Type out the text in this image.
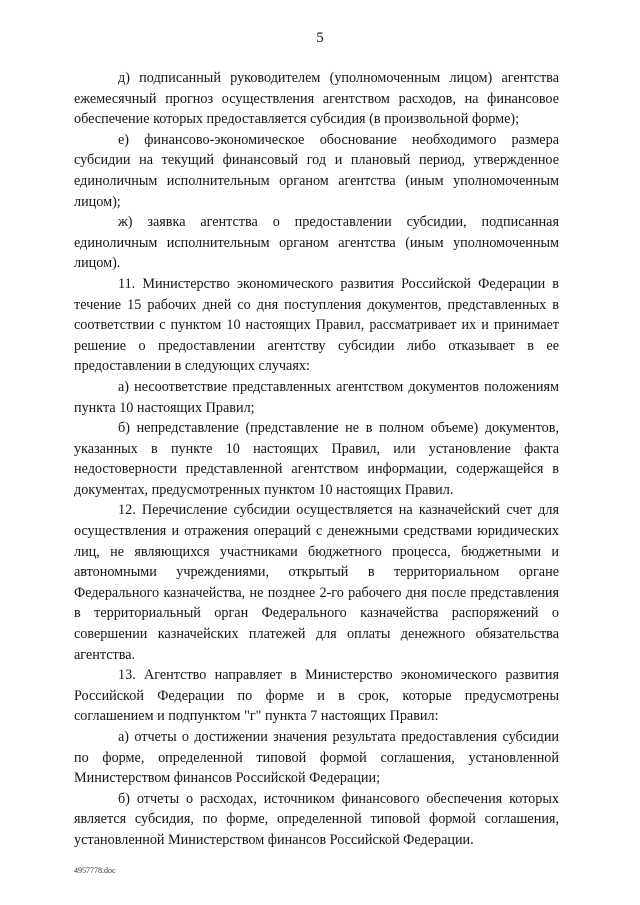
5

д) подписанный руководителем (уполномоченным лицом) агентства ежемесячный прогноз осуществления агентством расходов, на финансовое обеспечение которых предоставляется субсидия (в произвольной форме);

е) финансово-экономическое обоснование необходимого размера субсидии на текущий финансовый год и плановый период, утвержденное единоличным исполнительным органом агентства (иным уполномоченным лицом);

ж) заявка агентства о предоставлении субсидии, подписанная единоличным исполнительным органом агентства (иным уполномоченным лицом).

11. Министерство экономического развития Российской Федерации в течение 15 рабочих дней со дня поступления документов, представленных в соответствии с пунктом 10 настоящих Правил, рассматривает их и принимает решение о предоставлении агентству субсидии либо отказывает в ее предоставлении в следующих случаях:

а) несоответствие представленных агентством документов положениям пункта 10 настоящих Правил;

б) непредставление (представление не в полном объеме) документов, указанных в пункте 10 настоящих Правил, или установление факта недостоверности представленной агентством информации, содержащейся в документах, предусмотренных пунктом 10 настоящих Правил.

12. Перечисление субсидии осуществляется на казначейский счет для осуществления и отражения операций с денежными средствами юридических лиц, не являющихся участниками бюджетного процесса, бюджетными и автономными учреждениями, открытый в территориальном органе Федерального казначейства, не позднее 2-го рабочего дня после представления в территориальный орган Федерального казначейства распоряжений о совершении казначейских платежей для оплаты денежного обязательства агентства.

13. Агентство направляет в Министерство экономического развития Российской Федерации по форме и в срок, которые предусмотрены соглашением и подпунктом "г" пункта 7 настоящих Правил:

а) отчеты о достижении значения результата предоставления субсидии по форме, определенной типовой формой соглашения, установленной Министерством финансов Российской Федерации;

б) отчеты о расходах, источником финансового обеспечения которых является субсидия, по форме, определенной типовой формой соглашения, установленной Министерством финансов Российской Федерации.

4957778.doc
